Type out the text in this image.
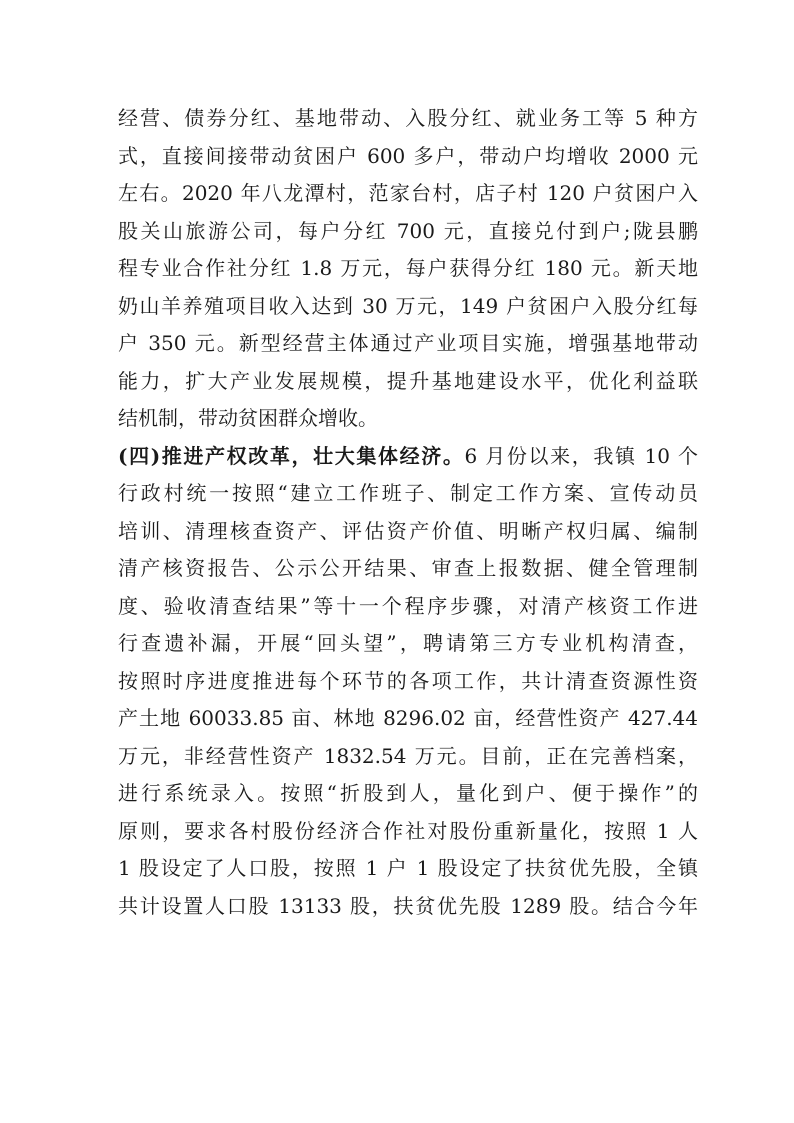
经营、债券分红、基地带动、入股分红、就业务工等 5 种方
式，直接间接带动贫困户 600 多户，带动户均增收 2000 元
左右。2020 年八龙潭村，范家台村，店子村 120 户贫困户入
股关山旅游公司，每户分红 700 元，直接兑付到户;陇县鹏
程专业合作社分红 1.8 万元，每户获得分红 180 元。新天地
奶山羊养殖项目收入达到 30 万元，149 户贫困户入股分红每
户 350 元。新型经营主体通过产业项目实施，增强基地带动
能力，扩大产业发展规模，提升基地建设水平，优化利益联
结机制，带动贫困群众增收。
(四)推进产权改革，壮大集体经济。6 月份以来，我镇 10 个
行政村统一按照“建立工作班子、制定工作方案、宣传动员
培训、清理核查资产、评估资产价值、明晰产权归属、编制
清产核资报告、公示公开结果、审查上报数据、健全管理制
度、验收清查结果”等十一个程序步骤，对清产核资工作进
行查遗补漏，开展“回头望”，聘请第三方专业机构清查，
按照时序进度推进每个环节的各项工作，共计清查资源性资
产土地 60033.85 亩、林地 8296.02 亩，经营性资产 427.44
万元，非经营性资产 1832.54 万元。目前，正在完善档案，
进行系统录入。按照“折股到人，量化到户、便于操作”的
原则，要求各村股份经济合作社对股份重新量化，按照 1 人
1 股设定了人口股，按照 1 户 1 股设定了扶贫优先股，全镇
共计设置人口股 13133 股，扶贫优先股 1289 股。结合今年
